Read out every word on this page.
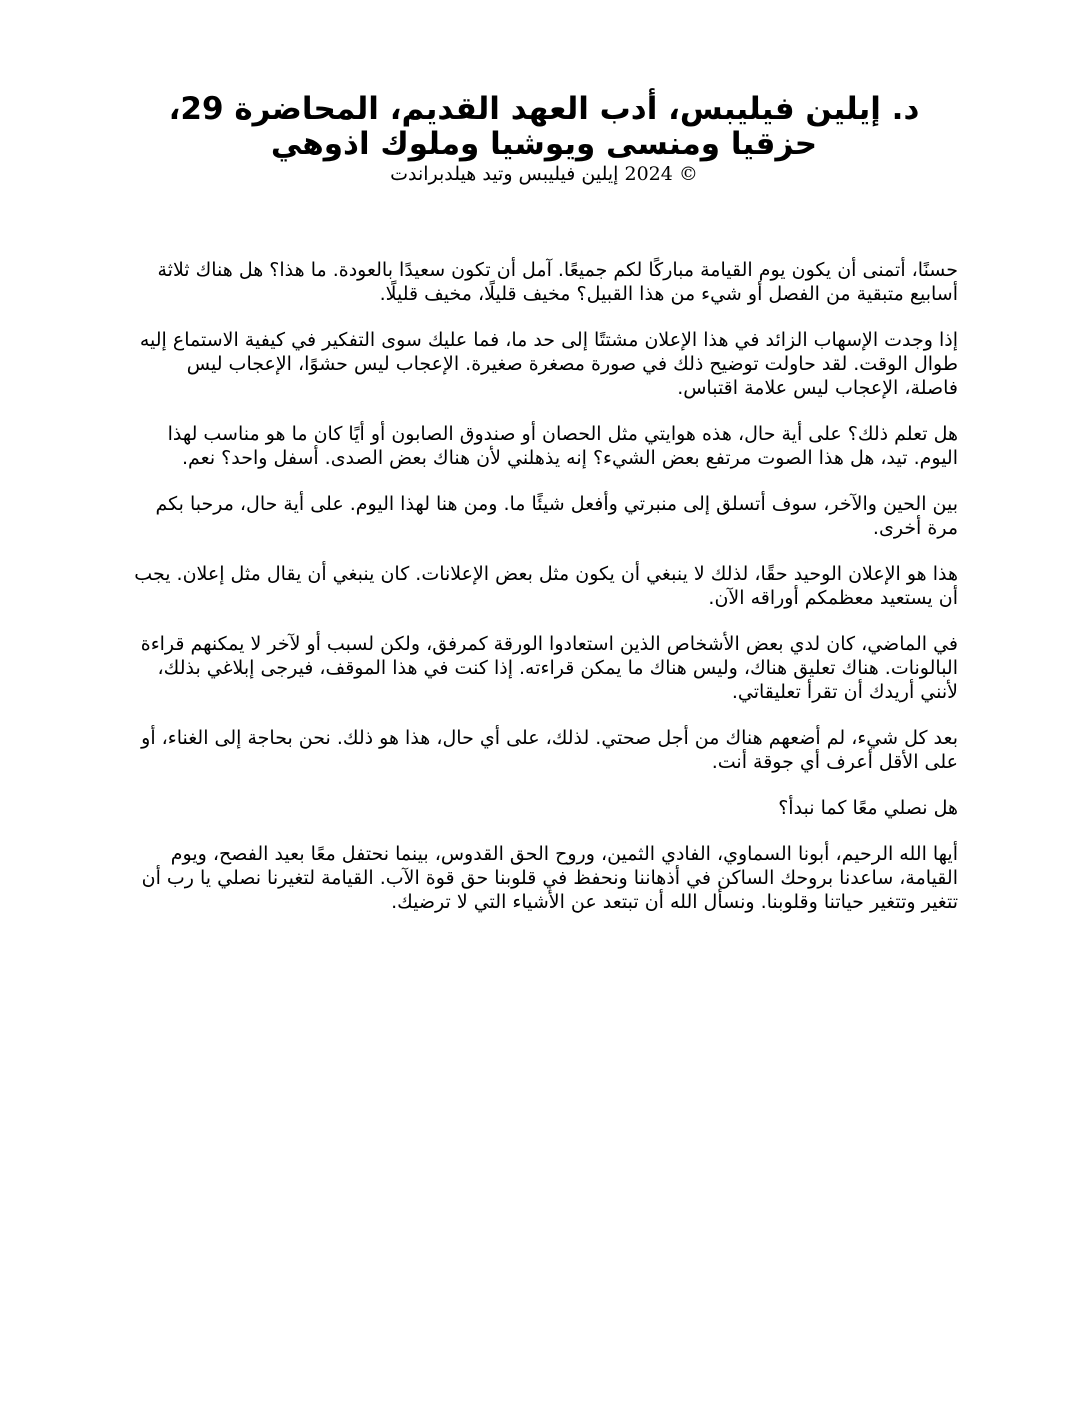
د. إيلين فيليبس، أدب العهد القديم، المحاضرة 29، حزقيا ومنسى ويوشيا وملوك اذوهي

© 2024 إيلين فيليبس وتيد هيلدبراندت

حسنًا، أتمنى أن يكون يوم القيامة مباركًا لكم جميعًا. آمل أن تكون سعيدًا بالعودة. ما هذا؟ هل هناك ثلاثة أسابيع متبقية من الفصل أو شيء من هذا القبيل؟ مخيف قليلًا، مخيف قليلًا.

إذا وجدت الإسهاب الزائد في هذا الإعلان مشتتًا إلى حد ما، فما عليك سوى التفكير في كيفية الاستماع إليه طوال الوقت. لقد حاولت توضيح ذلك في صورة مصغرة صغيرة. الإعجاب ليس حشوًا، الإعجاب ليس فاصلة، الإعجاب ليس علامة اقتباس.

هل تعلم ذلك؟ على أية حال، هذه هوايتي مثل الحصان أو صندوق الصابون أو أيًا كان ما هو مناسب لهذا اليوم. تيد، هل هذا الصوت مرتفع بعض الشيء؟ إنه يذهلني لأن هناك بعض الصدى. أسفل واحد؟ نعم.

بين الحين والآخر، سوف أتسلق إلى منبرتي وأفعل شيئًا ما. ومن هنا لهذا اليوم. على أية حال، مرحبا بكم مرة أخرى.

هذا هو الإعلان الوحيد حقًا، لذلك لا ينبغي أن يكون مثل بعض الإعلانات. كان ينبغي أن يقال مثل إعلان. يجب أن يستعيد معظمكم أوراقه الآن.

في الماضي، كان لدي بعض الأشخاص الذين استعادوا الورقة كمرفق، ولكن لسبب أو لآخر لا يمكنهم قراءة البالونات. هناك تعليق هناك، وليس هناك ما يمكن قراءته. إذا كنت في هذا الموقف، فيرجى إبلاغي بذلك، لأنني أريدك أن تقرأ تعليقاتي.

بعد كل شيء، لم أضعهم هناك من أجل صحتي. لذلك، على أي حال، هذا هو ذلك. نحن بحاجة إلى الغناء، أو على الأقل أعرف أي جوقة أنت.

هل نصلي معًا كما نبدأ؟

أيها الله الرحيم، أبونا السماوي، الفادي الثمين، وروح الحق القدوس، بينما نحتفل معًا بعيد الفصح، ويوم القيامة، ساعدنا بروحك الساكن في أذهاننا ونحفظ في قلوبنا حق قوة الآب. القيامة لتغيرنا نصلي يا رب أن تتغير وتتغير حياتنا وقلوبنا. ونسأل الله أن تبتعد عن الأشياء التي لا ترضيك.
